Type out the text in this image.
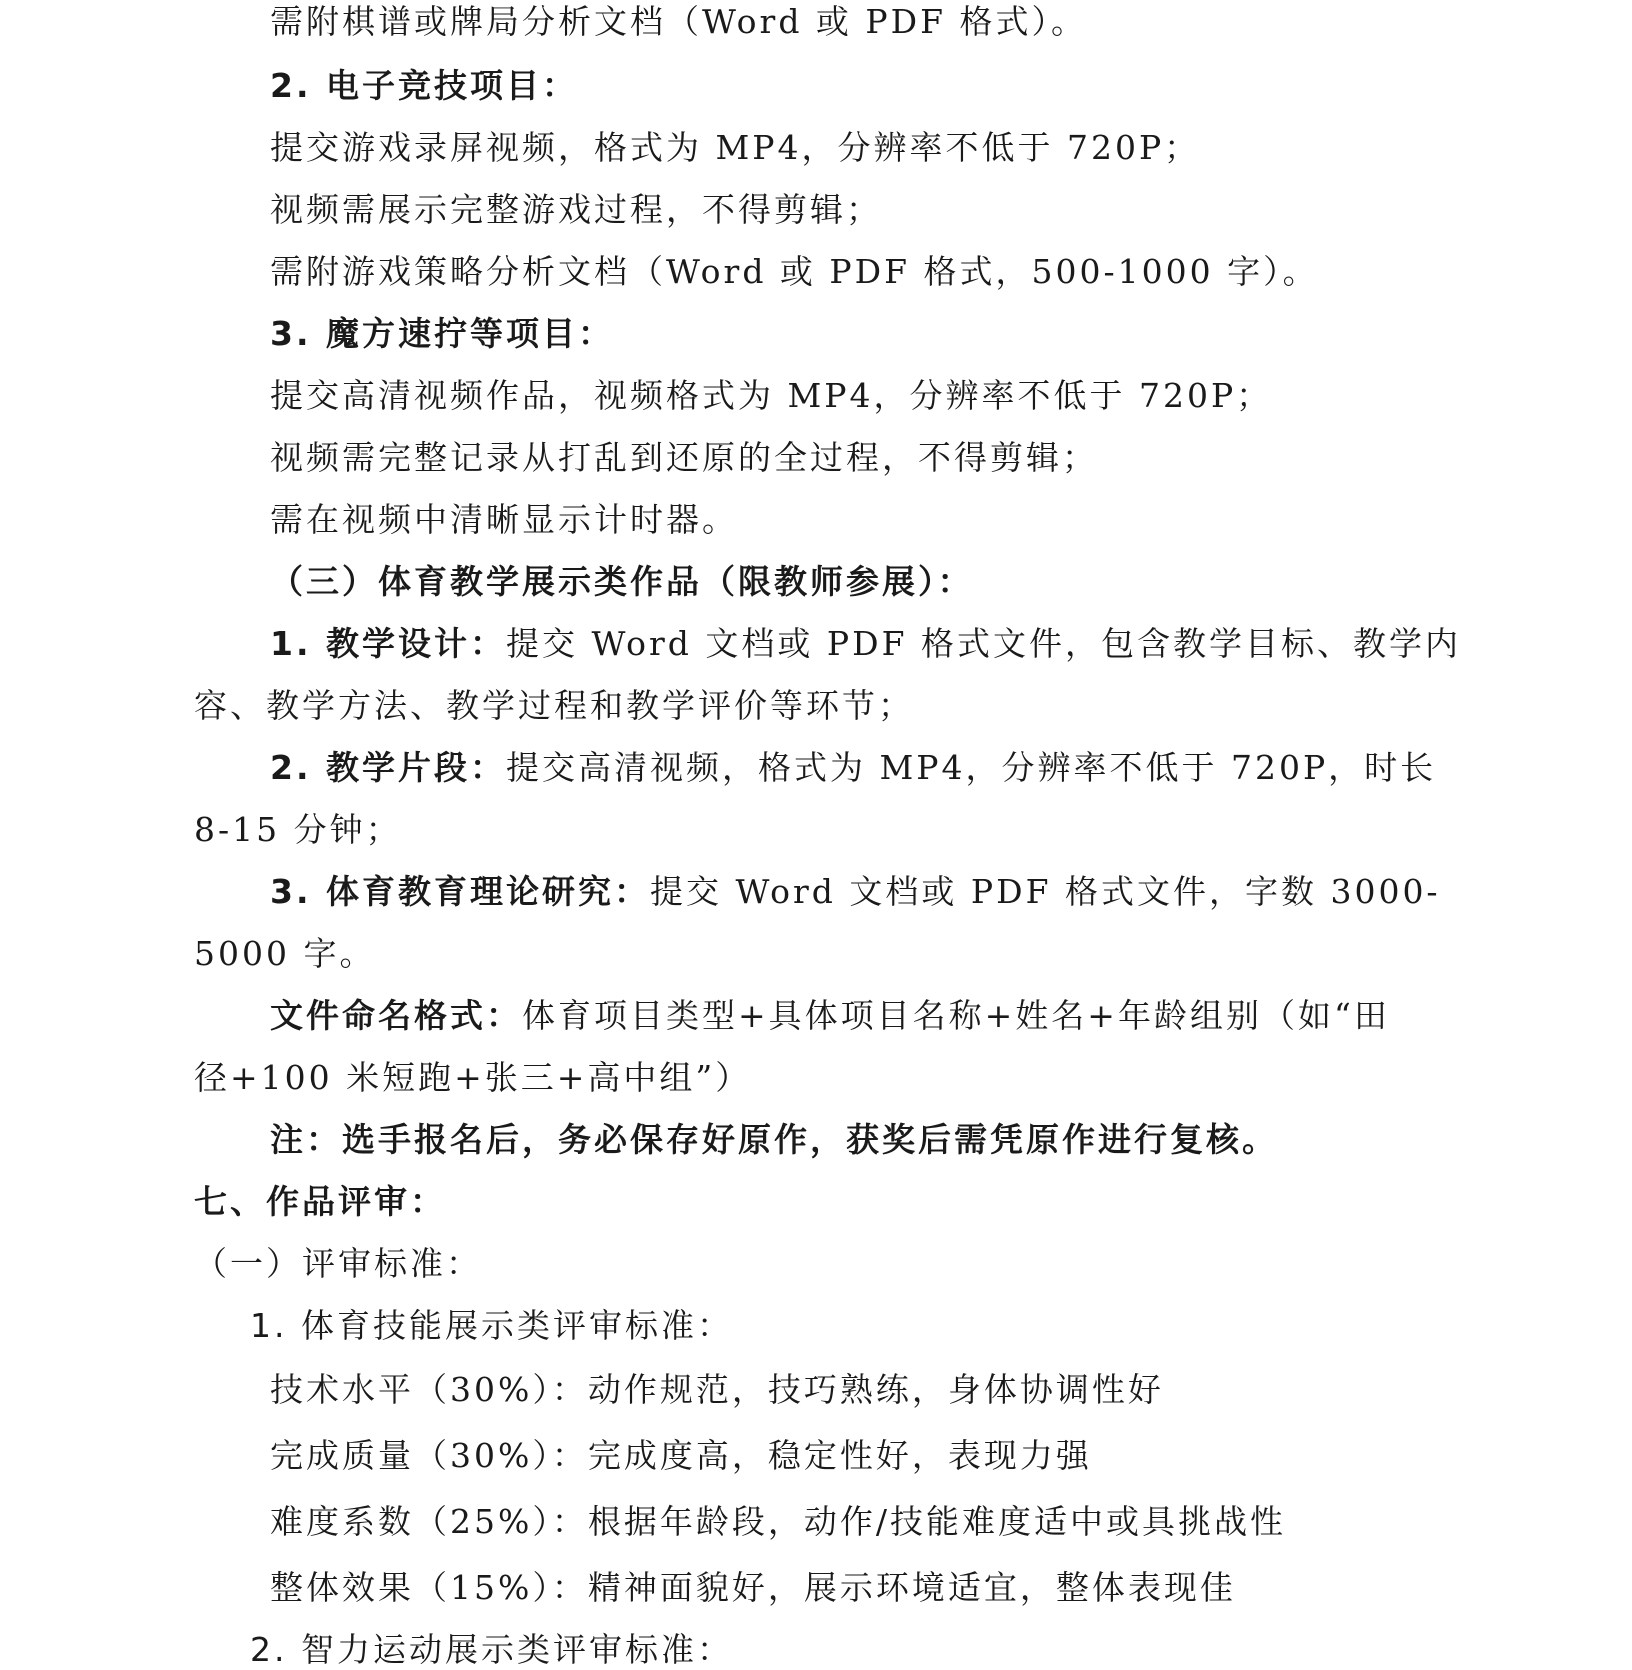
需附棋谱或牌局分析文档（Word 或 PDF 格式）。
2. 电子竞技项目：
提交游戏录屏视频，格式为 MP4，分辨率不低于 720P；
视频需展示完整游戏过程，不得剪辑；
需附游戏策略分析文档（Word 或 PDF 格式，500-1000 字）。
3. 魔方速拧等项目：
提交高清视频作品，视频格式为 MP4，分辨率不低于 720P；
视频需完整记录从打乱到还原的全过程，不得剪辑；
需在视频中清晰显示计时器。
（三）体育教学展示类作品（限教师参展）：
1. 教学设计：提交 Word 文档或 PDF 格式文件，包含教学目标、教学内
容、教学方法、教学过程和教学评价等环节；
2. 教学片段：提交高清视频，格式为 MP4，分辨率不低于 720P，时长
8-15 分钟；
3. 体育教育理论研究：提交 Word 文档或 PDF 格式文件，字数 3000-
5000 字。
文件命名格式：体育项目类型+具体项目名称+姓名+年龄组别（如“田
径+100 米短跑+张三+高中组”）
注：选手报名后，务必保存好原作，获奖后需凭原作进行复核。
七、作品评审：
（一）评审标准：
1. 体育技能展示类评审标准：
技术水平（30%）：动作规范，技巧熟练，身体协调性好
完成质量（30%）：完成度高，稳定性好，表现力强
难度系数（25%）：根据年龄段，动作/技能难度适中或具挑战性
整体效果（15%）：精神面貌好，展示环境适宜，整体表现佳
2. 智力运动展示类评审标准：
